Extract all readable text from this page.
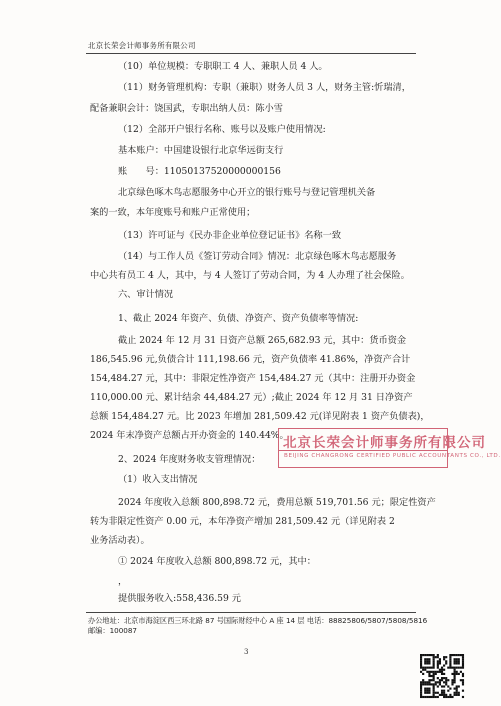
北京长荣会计师事务所有限公司
（10）单位规模：专职职工 4 人、兼职人员 4 人。
（11）财务管理机构：专职（兼职）财务人员 3 人，财务主管:忻瑞清，
配备兼职会计：饶国武，专职出纳人员：陈小雪
（12）全部开户银行名称、账号以及账户使用情况:
基本账户：中国建设银行北京华远街支行
账　　号：11050137520000000156
北京绿色啄木鸟志愿服务中心开立的银行账号与登记管理机关备
案的一致，本年度账号和账户正常使用；
（13）许可证与《民办非企业单位登记证书》名称一致
（14）与工作人员《签订劳动合同》情况：北京绿色啄木鸟志愿服务
中心共有员工 4 人，其中，与 4 人签订了劳动合同，为 4 人办理了社会保险。
六、审计情况
1、截止 2024 年资产、负债、净资产、资产负债率等情况:
截止 2024 年 12 月 31 日资产总额 265,682.93 元，其中：货币资金
186,545.96 元,负债合计 111,198.66 元，资产负债率 41.86%，净资产合计
154,484.27 元，其中：非限定性净资产 154,484.27 元（其中：注册开办资金
110,000.00 元、累计结余 44,484.27 元）;截止 2024 年 12 月 31 日净资产
总额 154,484.27 元。比 2023 年增加 281,509.42 元(详见附表 1 资产负债表)，
2024 年末净资产总额占开办资金的 140.44%。
2、2024 年度财务收支管理情况：
（1）收入支出情况
2024 年度收入总额 800,898.72 元，费用总额 519,701.56 元；限定性资产
转为非限定性资产 0.00 元，本年净资产增加 281,509.42 元（详见附表 2
业务活动表）。
① 2024 年度收入总额 800,898.72 元，其中：
，
提供服务收入:558,436.59 元
北京长荣会计师事务所有限公司
BEIJING CHANGRONG CERTIFIED PUBLIC ACCOUNTANTS CO., LTD.
办公地址：北京市海淀区西三环北路 87 号国际财经中心 A 座 14 层 电话：88825806/5807/5808/5816
邮编：100087
3
